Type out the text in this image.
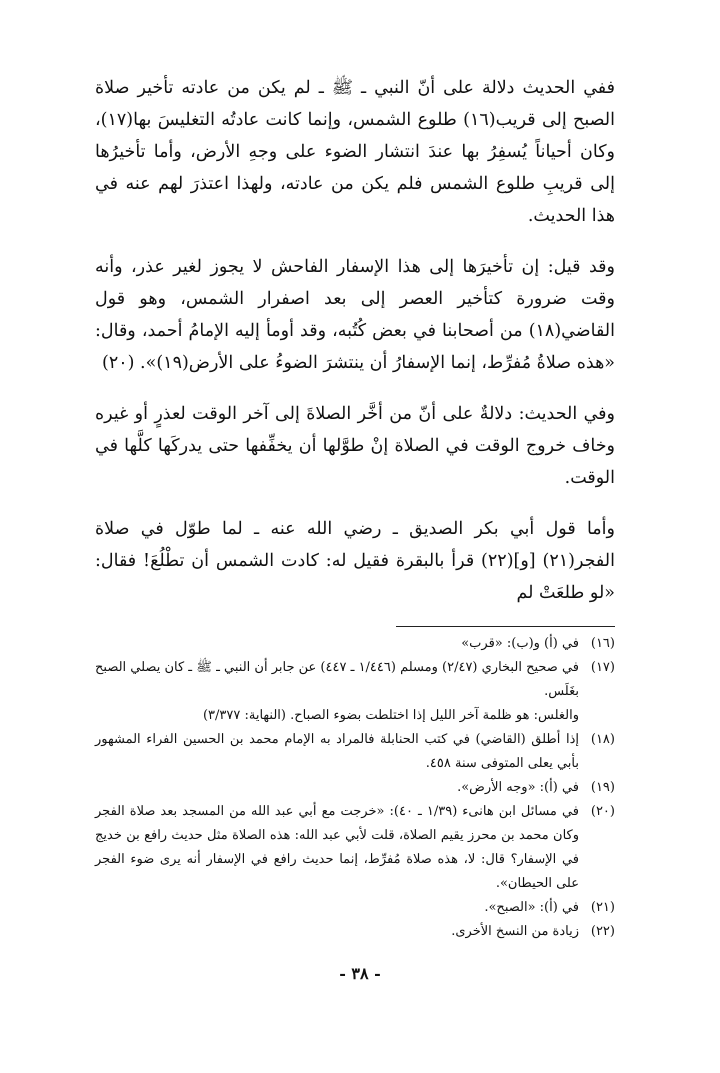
ففي الحديث دلالة على أنّ النبي ـ ﷺ ـ لم يكن من عادته تأخير صلاة الصبح إلى قريب(١٦) طلوع الشمس، وإنما كانت عادتُه التغليسَ بها(١٧)، وكان أحياناً يُسفِرُ بها عندَ انتشار الضوء على وجهِ الأرض، وأما تأخيرُها إلى قريبِ طلوع الشمس فلم يكن من عادته، ولهذا اعتذرَ لهم عنه في هذا الحديث.

وقد قيل: إن تأخيرَها إلى هذا الإسفار الفاحش لا يجوز لغير عذر، وأنه وقت ضرورة كتأخير العصر إلى بعد اصفرار الشمس، وهو قول القاضي(١٨) من أصحابنا في بعض كُتُبه، وقد أومأ إليه الإمامُ أحمد، وقال: «هذه صلاةُ مُفرِّط، إنما الإسفارُ أن ينتشرَ الضوءُ على الأرض(١٩)». (٢٠)

وفي الحديث: دلالةٌ على أنّ من أخَّر الصلاةَ إلى آخر الوقت لعذرٍ أو غيره وخاف خروج الوقت في الصلاة إنْ طوَّلها أن يخفِّفها حتى يدركَها كلَّها في الوقت.

وأما قول أبي بكر الصديق ـ رضي الله عنه ـ لما طوّل في صلاة الفجر(٢١) [و](٢٢) قرأ بالبقرة فقيل له: كادت الشمس أن تطْلُعَ! فقال: «لو طلعَتْ لم

(١٦)
في (أ) و(ب): «قرب»
(١٧)
في صحيح البخاري (٢/٤٧) ومسلم (١/٤٤٦ ـ ٤٤٧) عن جابر أن النبي ـ ﷺ ـ كان يصلي الصبح بغَلَس.
والغلس: هو ظلمة آخر الليل إذا اختلطت بضوء الصباح. (النهاية: ٣/٣٧٧)
(١٨)
إذا أطلق (القاضي) في كتب الحنابلة فالمراد به الإمام محمد بن الحسين الفراء المشهور بأبي يعلى المتوفى سنة ٤٥٨.
(١٩)
في (أ): «وجه الأرض».
(٢٠)
في مسائل ابن هانىء (١/٣٩ ـ ٤٠): «خرجت مع أبي عبد الله من المسجد بعد صلاة الفجر وكان محمد بن محرز يقيم الصلاة، قلت لأبي عبد الله: هذه الصلاة مثل حديث رافع بن خديج في الإسفار؟ قال: لا، هذه صلاة مُفرِّط، إنما حديث رافع في الإسفار أنه يرى ضوء الفجر على الحيطان».
(٢١)
في (أ): «الصبح».
(٢٢)
زيادة من النسخ الأخرى.
- ٣٨ -
